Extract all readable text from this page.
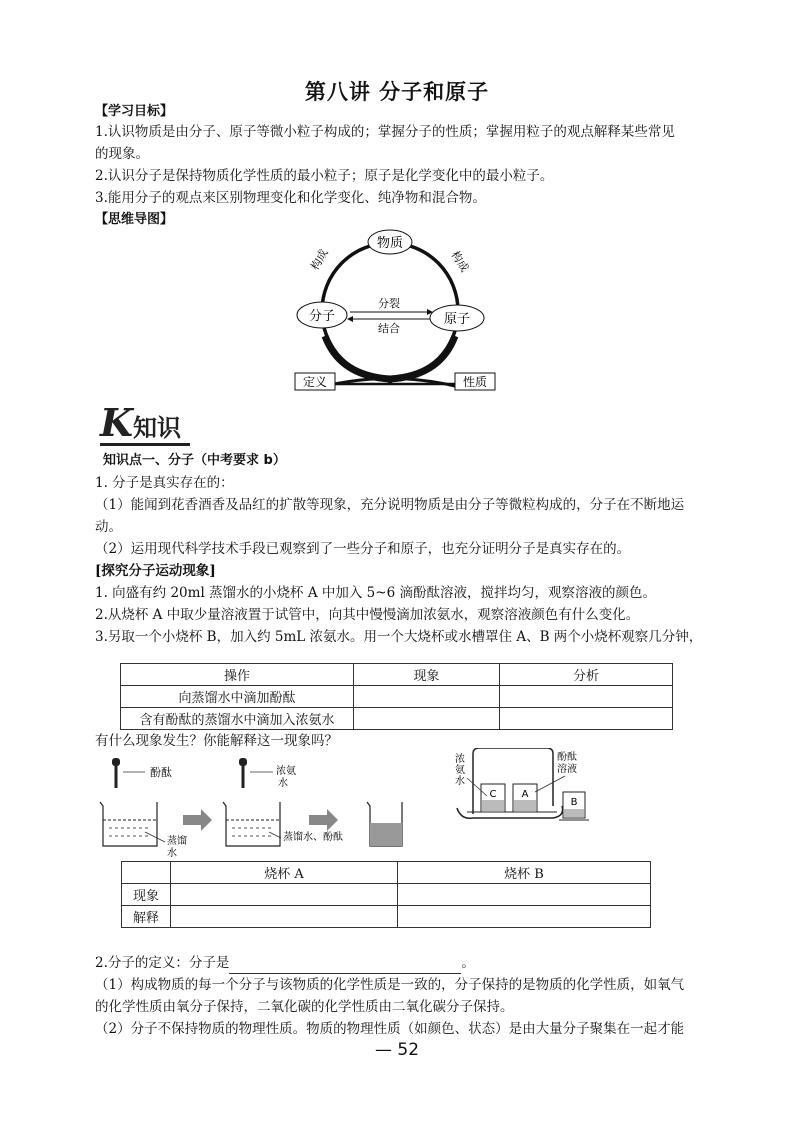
第八讲 分子和原子
【学习目标】
1.认识物质是由分子、原子等微小粒子构成的；掌握分子的性质；掌握用粒子的观点解释某些常见
的现象。
2.认识分子是保持物质化学性质的最小粒子；原子是化学变化中的最小粒子。
3.能用分子的观点来区别物理变化和化学变化、纯净物和混合物。
【思维导图】
物质
分子	原子
分裂
结合
构成	构成
定义	性质
K知识
知识点一、分子（中考要求 b）
1. 分子是真实存在的：
（1）能闻到花香酒香及品红的扩散等现象，充分说明物质是由分子等微粒构成的，分子在不断地运
动。
（2）运用现代科学技术手段已观察到了一些分子和原子，也充分证明分子是真实存在的。
[探究分子运动现象]
1. 向盛有约 20ml 蒸馏水的小烧杯 A 中加入 5~6 滴酚酞溶液，搅拌均匀，观察溶液的颜色。
2.从烧杯 A 中取少量溶液置于试管中，向其中慢慢滴加浓氨水，观察溶液颜色有什么变化。
3.另取一个小烧杯 B，加入约 5mL 浓氨水。用一个大烧杯或水槽罩住 A、B 两个小烧杯观察几分钟，
操作	现象	分析
向蒸馏水中滴加酚酞		
含有酚酞的蒸馏水中滴加入浓氨水		
有什么现象发生？你能解释这一现象吗？
酚酞
蒸馏
水
浓氨
水
蒸馏水、酚酞
C	A
B
浓
氨
水
酚酞
溶液
	烧杯 A	烧杯 B
现象		
解释		
2.分子的定义：分子是	。
（1）构成物质的每一个分子与该物质的化学性质是一致的，分子保持的是物质的化学性质，如氧气
的化学性质由氧分子保持，二氧化碳的化学性质由二氧化碳分子保持。
（2）分子不保持物质的物理性质。物质的物理性质（如颜色、状态）是由大量分子聚集在一起才能
— 52
